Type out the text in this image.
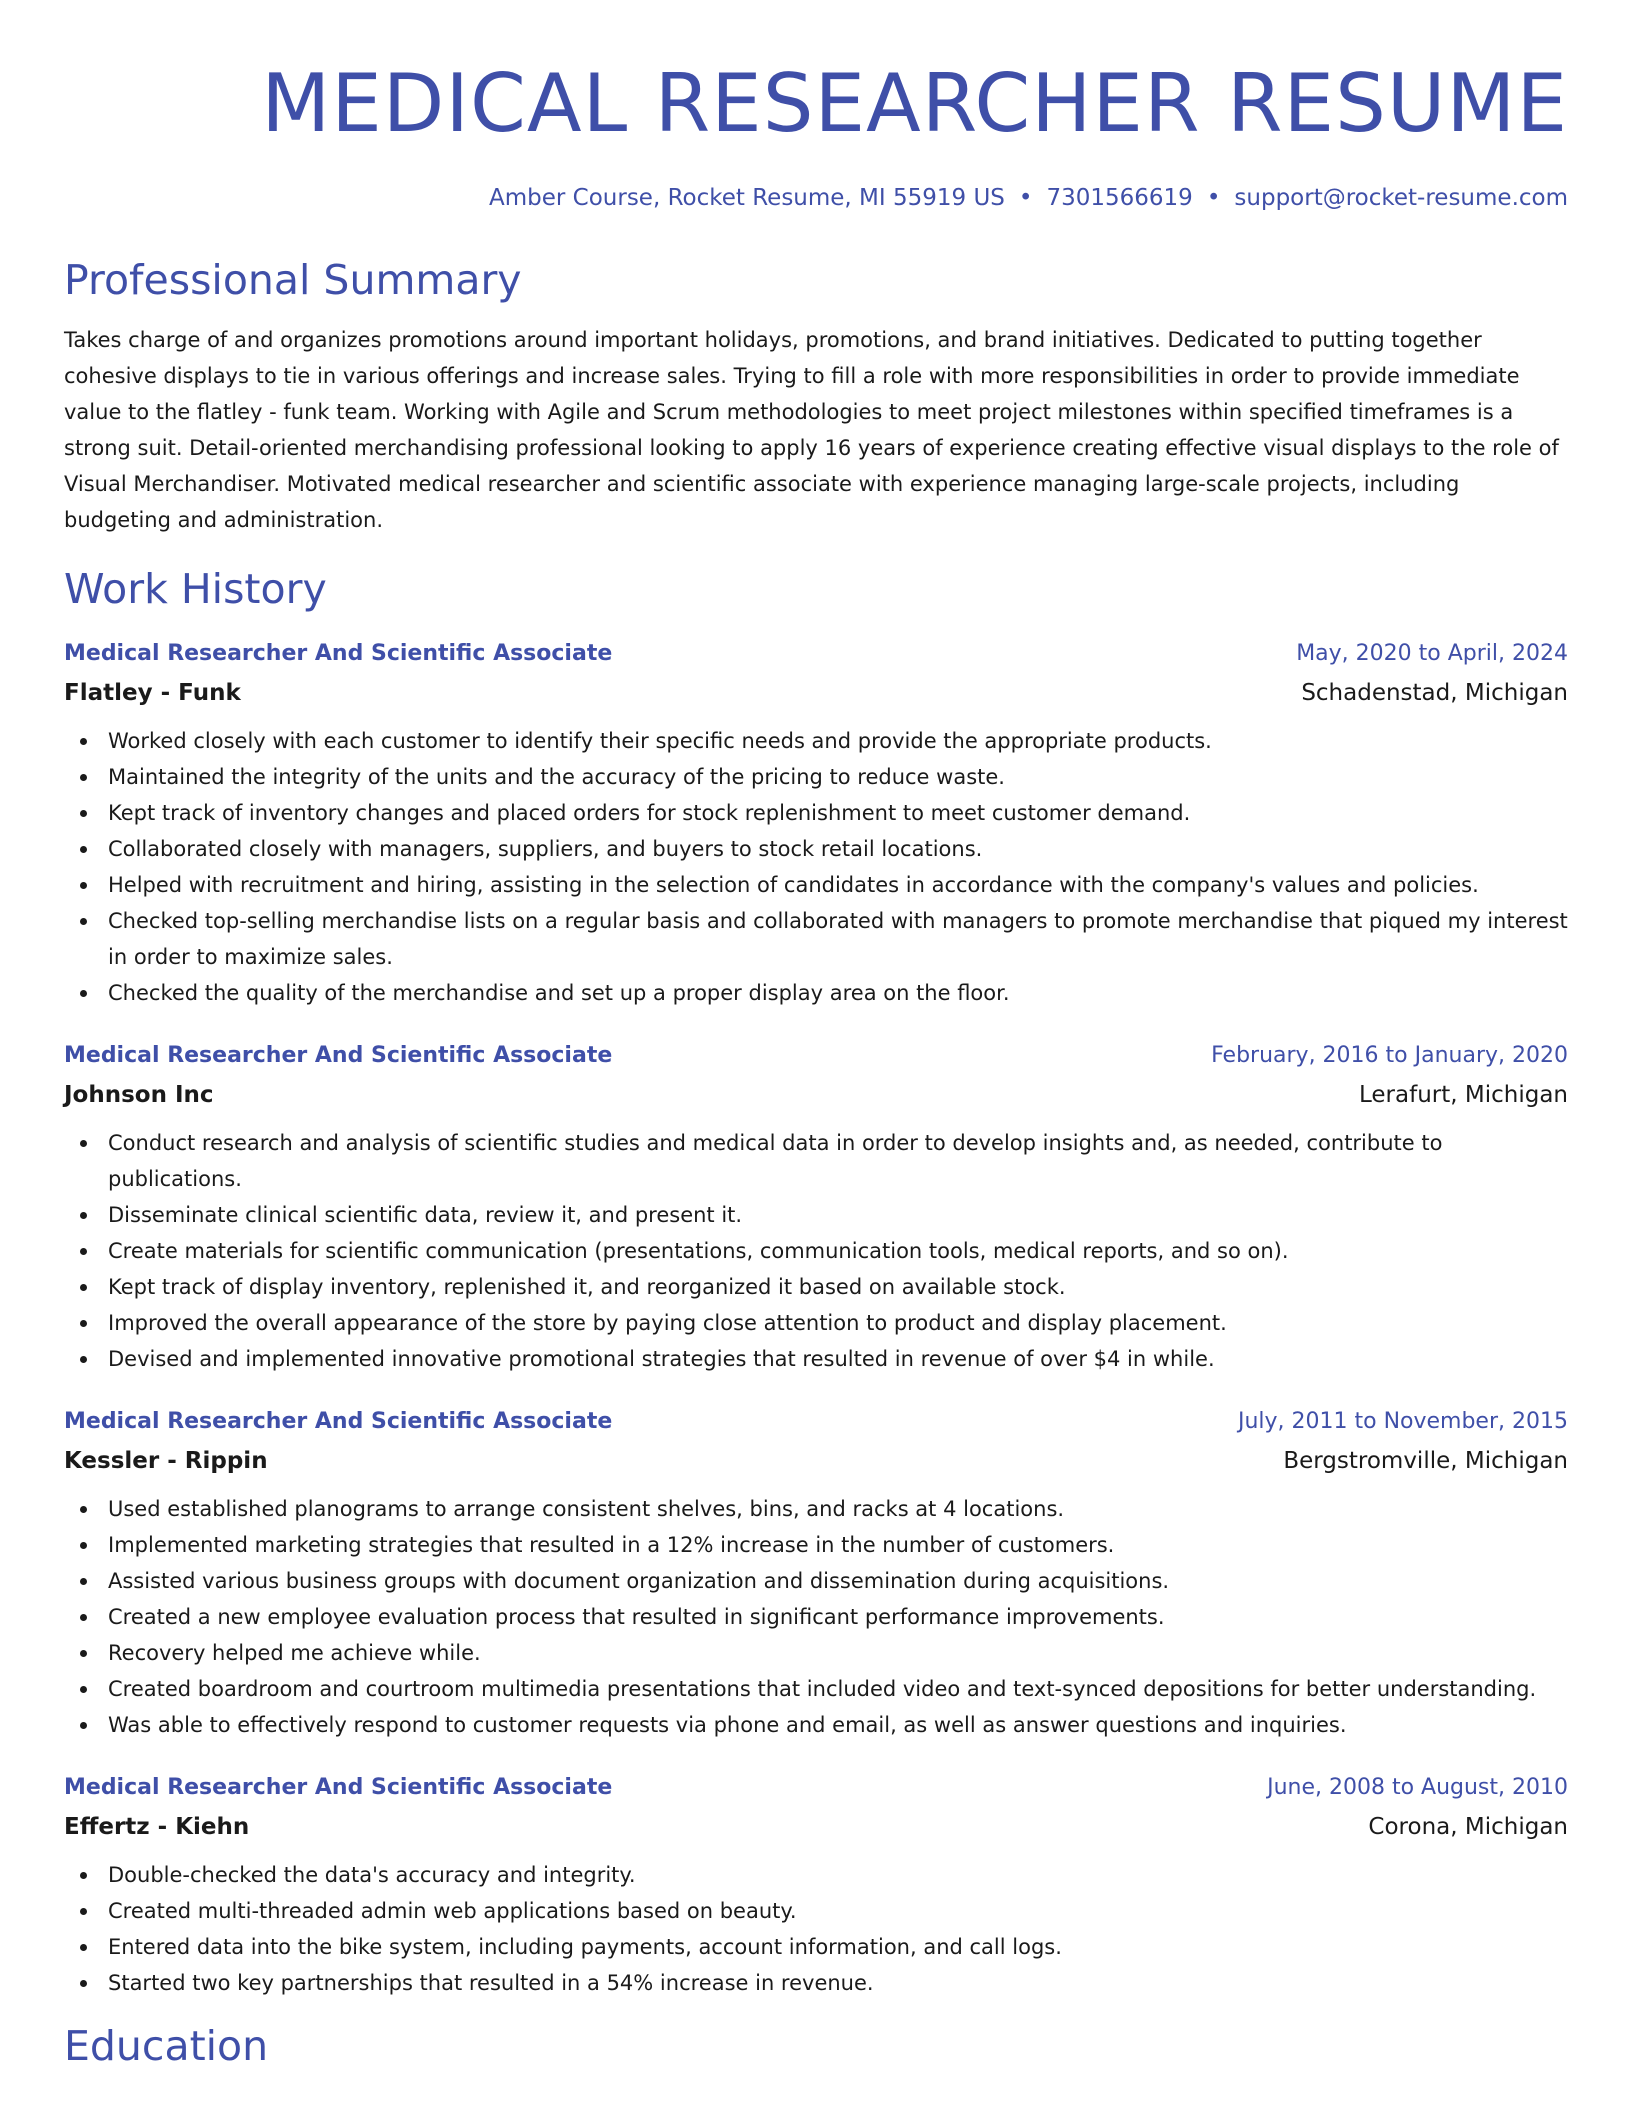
MEDICAL RESEARCHER RESUME
Amber Course, Rocket Resume, MI 55919 US • 7301566619 • support@rocket-resume.com
Professional Summary
Takes charge of and organizes promotions around important holidays, promotions, and brand initiatives. Dedicated to putting together cohesive displays to tie in various offerings and increase sales. Trying to fill a role with more responsibilities in order to provide immediate value to the flatley - funk team. Working with Agile and Scrum methodologies to meet project milestones within specified timeframes is a strong suit. Detail-oriented merchandising professional looking to apply 16 years of experience creating effective visual displays to the role of Visual Merchandiser. Motivated medical researcher and scientific associate with experience managing large-scale projects, including budgeting and administration.
Work History
Medical Researcher And Scientific Associate	May, 2020 to April, 2024
Flatley - Funk	Schadenstad, Michigan
Worked closely with each customer to identify their specific needs and provide the appropriate products.
Maintained the integrity of the units and the accuracy of the pricing to reduce waste.
Kept track of inventory changes and placed orders for stock replenishment to meet customer demand.
Collaborated closely with managers, suppliers, and buyers to stock retail locations.
Helped with recruitment and hiring, assisting in the selection of candidates in accordance with the company's values and policies.
Checked top-selling merchandise lists on a regular basis and collaborated with managers to promote merchandise that piqued my interest in order to maximize sales.
Checked the quality of the merchandise and set up a proper display area on the floor.
Medical Researcher And Scientific Associate	February, 2016 to January, 2020
Johnson Inc	Lerafurt, Michigan
Conduct research and analysis of scientific studies and medical data in order to develop insights and, as needed, contribute to publications.
Disseminate clinical scientific data, review it, and present it.
Create materials for scientific communication (presentations, communication tools, medical reports, and so on).
Kept track of display inventory, replenished it, and reorganized it based on available stock.
Improved the overall appearance of the store by paying close attention to product and display placement.
Devised and implemented innovative promotional strategies that resulted in revenue of over $4 in while.
Medical Researcher And Scientific Associate	July, 2011 to November, 2015
Kessler - Rippin	Bergstromville, Michigan
Used established planograms to arrange consistent shelves, bins, and racks at 4 locations.
Implemented marketing strategies that resulted in a 12% increase in the number of customers.
Assisted various business groups with document organization and dissemination during acquisitions.
Created a new employee evaluation process that resulted in significant performance improvements.
Recovery helped me achieve while.
Created boardroom and courtroom multimedia presentations that included video and text-synced depositions for better understanding.
Was able to effectively respond to customer requests via phone and email, as well as answer questions and inquiries.
Medical Researcher And Scientific Associate	June, 2008 to August, 2010
Effertz - Kiehn	Corona, Michigan
Double-checked the data's accuracy and integrity.
Created multi-threaded admin web applications based on beauty.
Entered data into the bike system, including payments, account information, and call logs.
Started two key partnerships that resulted in a 54% increase in revenue.
Education
